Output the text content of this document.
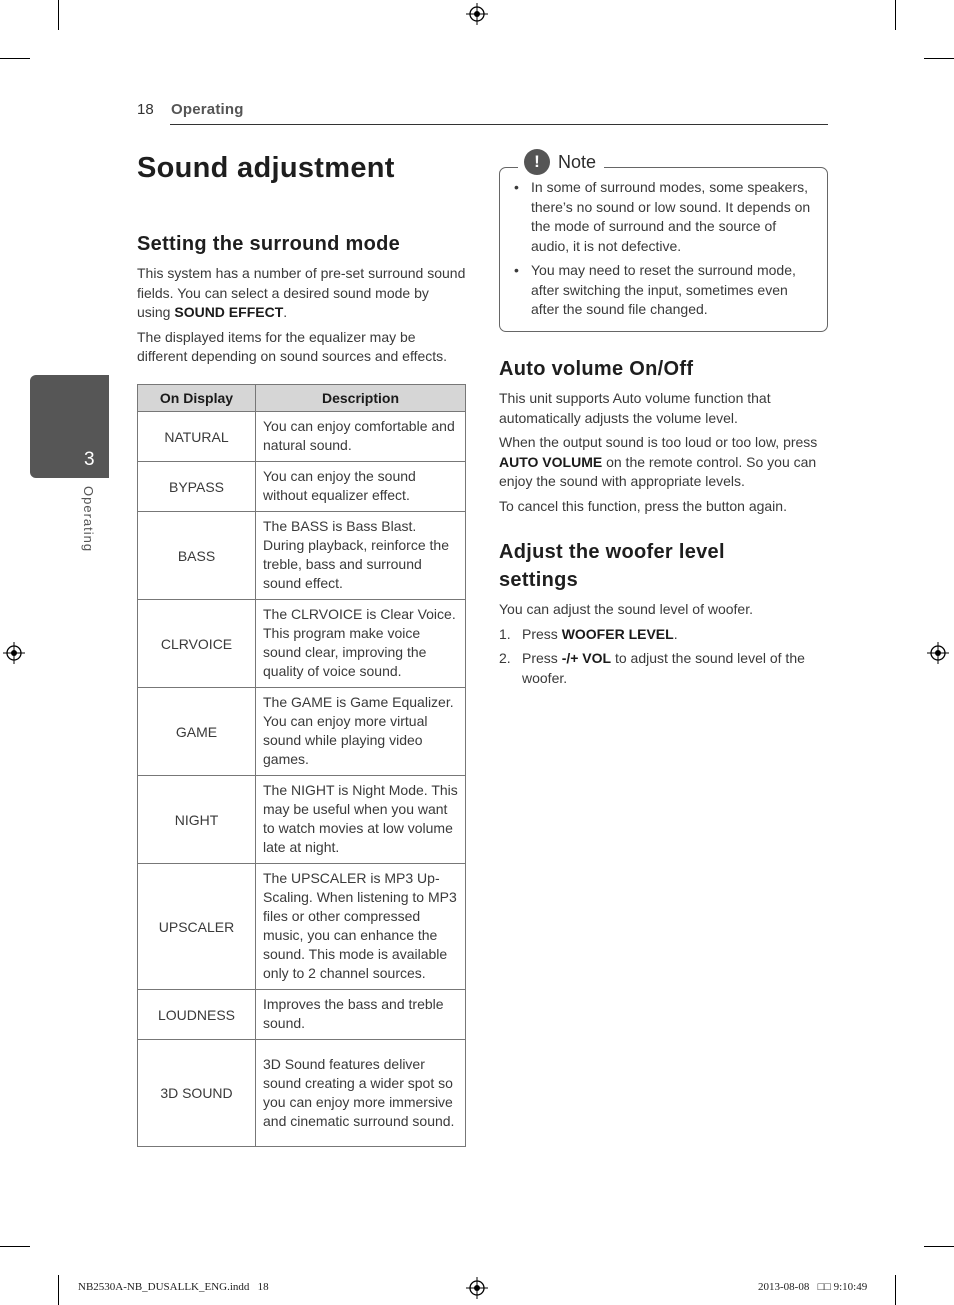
18 Operating
3
Operating
Sound adjustment
Setting the surround mode

This system has a number of pre-set surround sound fields. You can select a desired sound mode by using SOUND EFFECT.

The displayed items for the equalizer may be different depending on sound sources and effects.

On Display	Description
NATURAL	You can enjoy comfortable and natural sound.
BYPASS	You can enjoy the sound without equalizer effect.
BASS	The BASS is Bass Blast. During playback, reinforce the treble, bass and surround sound effect.
CLRVOICE	The CLRVOICE is Clear Voice. This program make voice sound clear, improving the quality of voice sound.
GAME	The GAME is Game Equalizer. You can enjoy more virtual sound while playing video games.
NIGHT	The NIGHT is Night Mode. This may be useful when you want to watch movies at low volume late at night.
UPSCALER	The UPSCALER is MP3 Up-Scaling. When listening to MP3 files or other compressed music, you can enhance the sound. This mode is available only to 2 channel sources.
LOUDNESS	Improves the bass and treble sound.
3D SOUND	3D Sound features deliver sound creating a wider spot so you can enjoy more immersive and cinematic surround sound.
!	Note
• In some of surround modes, some speakers, there’s no sound or low sound. It depends on the mode of surround and the source of audio, it is not defective.
• You may need to reset the surround mode, after switching the input, sometimes even after the sound file changed.
Auto volume On/Off

This unit supports Auto volume function that automatically adjusts the volume level.

When the output sound is too loud or too low, press AUTO VOLUME on the remote control. So you can enjoy the sound with appropriate levels.

To cancel this function, press the button again.

Adjust the woofer level settings

You can adjust the sound level of woofer.

1. Press WOOFER LEVEL.
2. Press -/+ VOL to adjust the sound level of the woofer.
NB2530A-NB_DUSALLK_ENG.indd   18	2013-08-08   □□ 9:10:49
